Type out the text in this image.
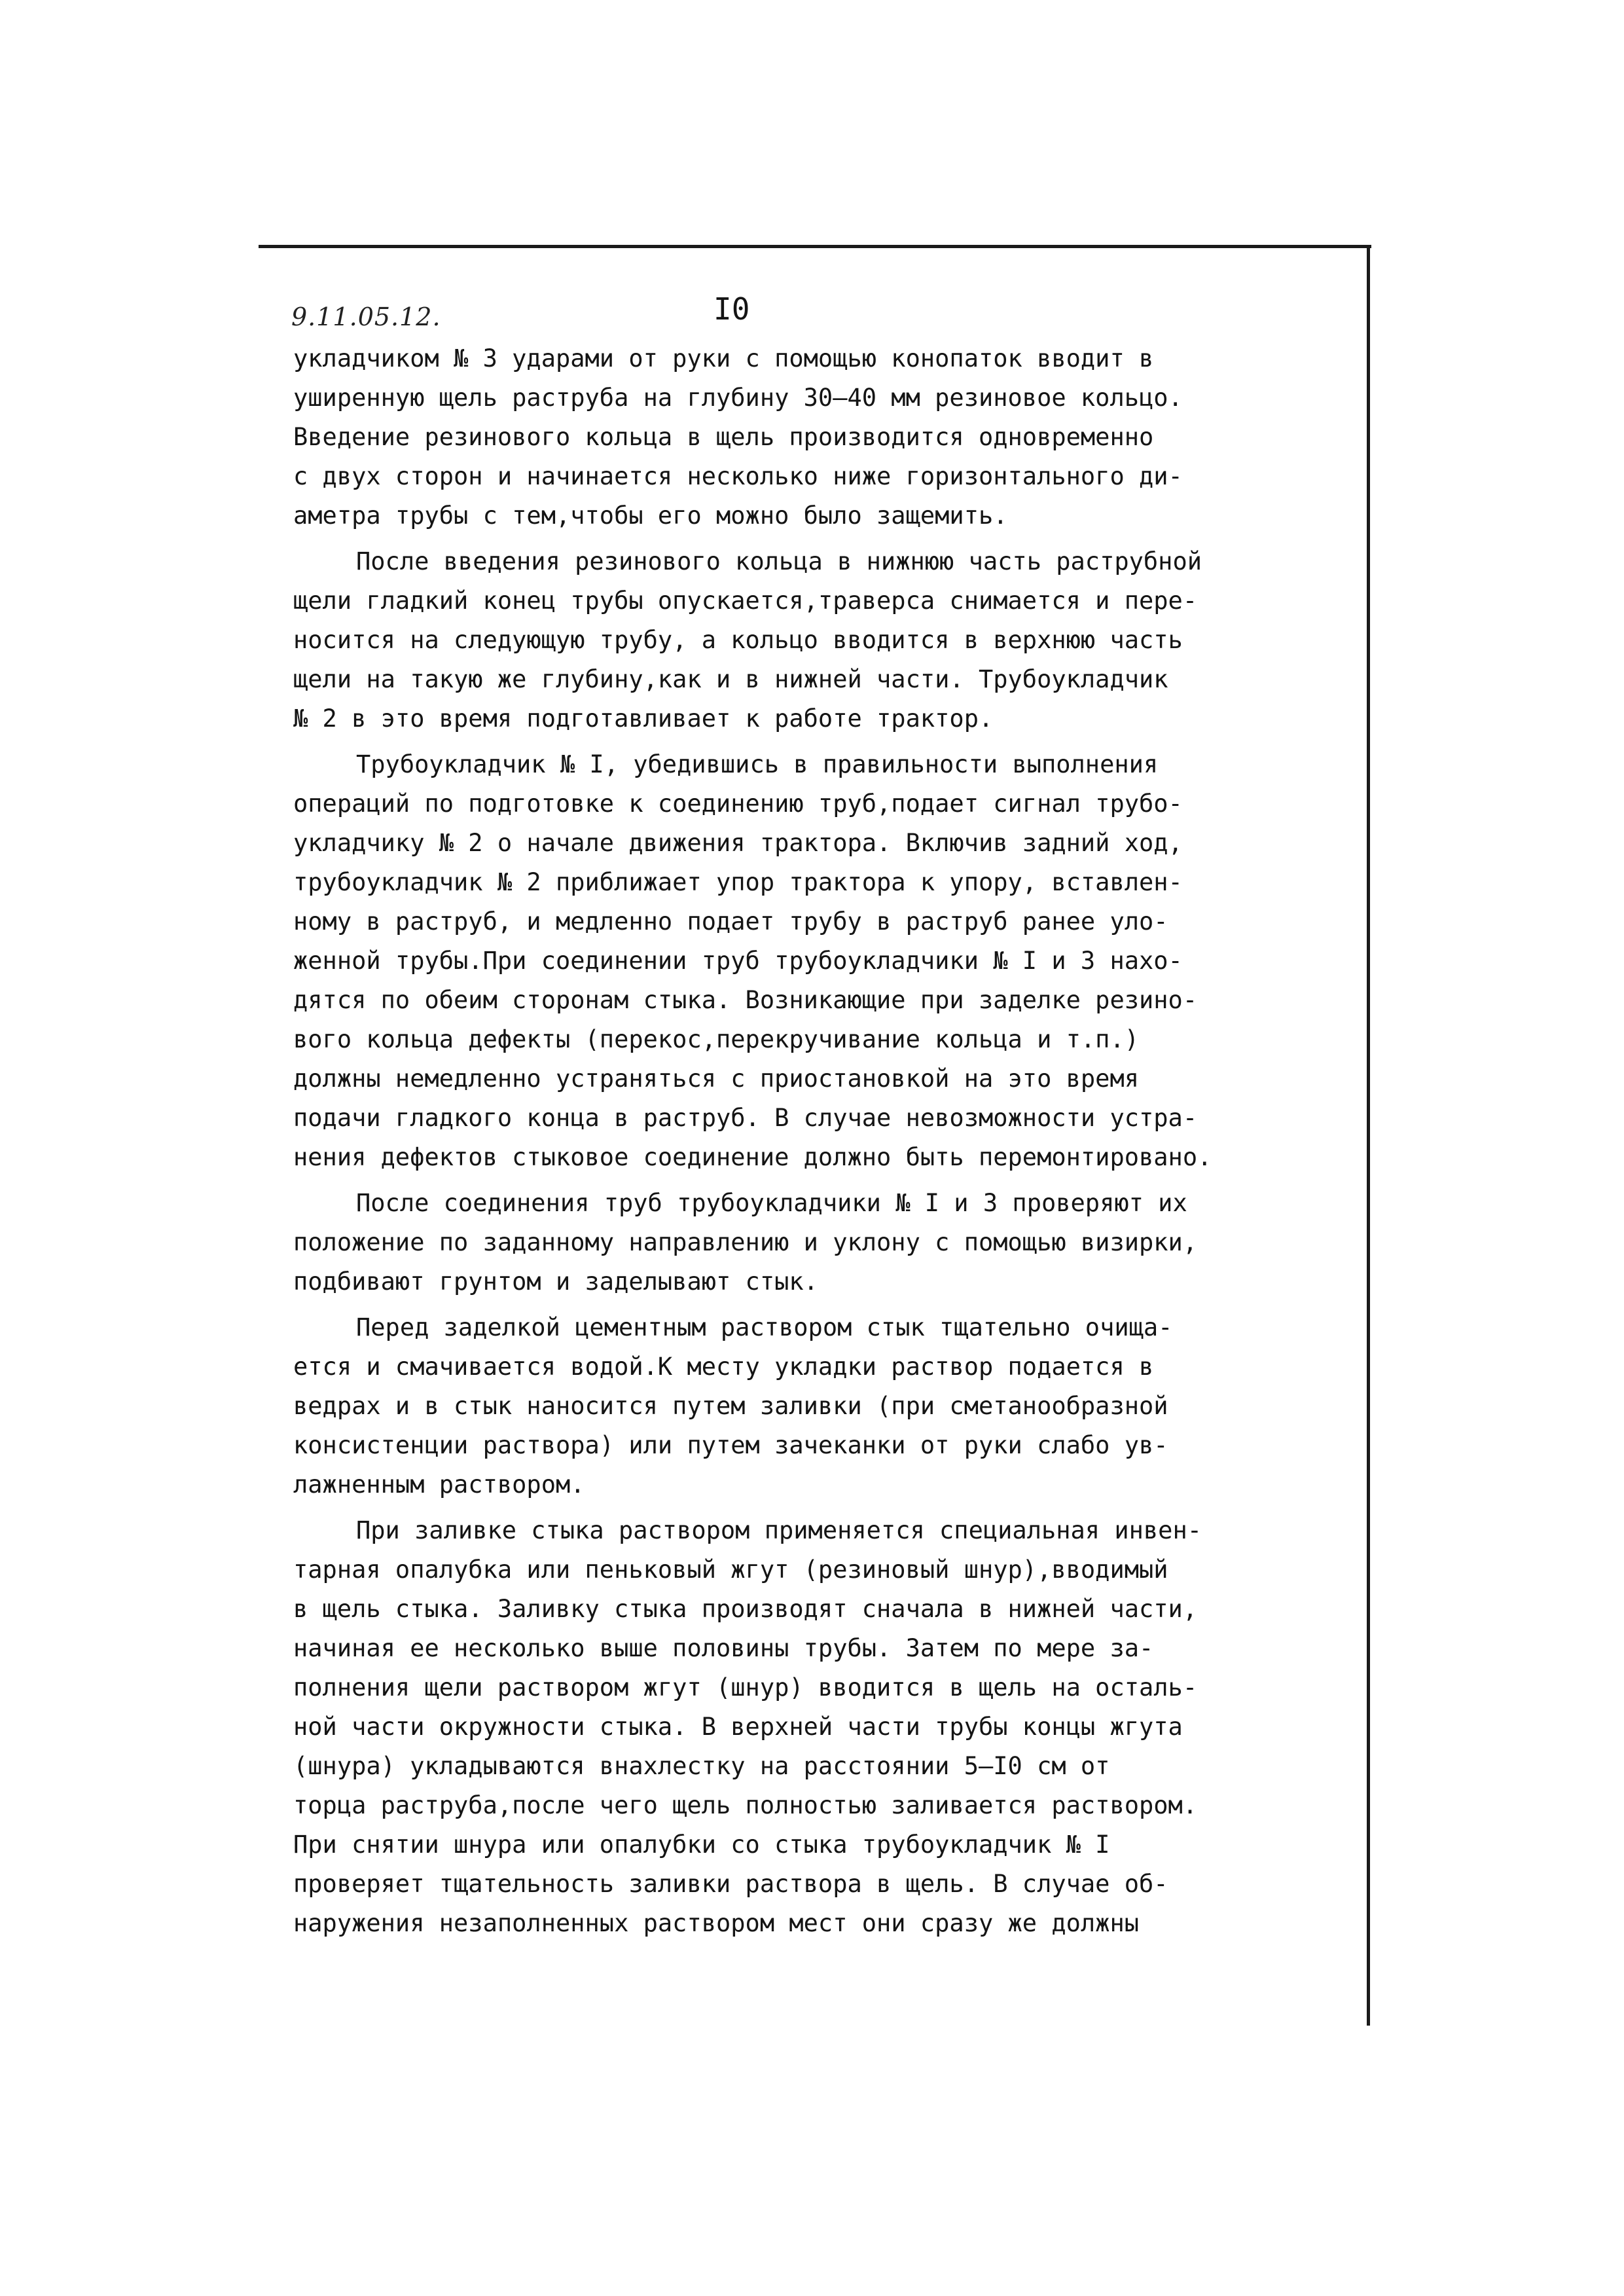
9.11.05.12.	I0
укладчиком № 3 ударами от руки с помощью конопаток вводит в
уширенную щель раструба на глубину 30–40 мм резиновое кольцо.
Введение резинового кольца в щель производится одновременно
с двух сторон и начинается несколько ниже горизонтального ди-
аметра трубы с тем,чтобы его можно было защемить.
После введения резинового кольца в нижнюю часть раструбной
щели гладкий конец трубы опускается,траверса снимается и пере-
носится на следующую трубу, а кольцо вводится в верхнюю часть
щели на такую же глубину,как и в нижней части. Трубоукладчик
№ 2 в это время подготавливает к работе трактор.
Трубоукладчик № I, убедившись в правильности выполнения
операций по подготовке к соединению труб,подает сигнал трубо-
укладчику № 2 о начале движения трактора. Включив задний ход,
трубоукладчик № 2 приближает упор трактора к упору, вставлен-
ному в раструб, и медленно подает трубу в раструб ранее уло-
женной трубы.При соединении труб трубоукладчики № I и 3 нахо-
дятся по обеим сторонам стыка. Возникающие при заделке резино-
вого кольца дефекты (перекос,перекручивание кольца и т.п.)
должны немедленно устраняться с приостановкой на это время
подачи гладкого конца в раструб. В случае невозможности устра-
нения дефектов стыковое соединение должно быть перемонтировано.
После соединения труб трубоукладчики № I и 3 проверяют их
положение по заданному направлению и уклону с помощью визирки,
подбивают грунтом и заделывают стык.
Перед заделкой цементным раствором стык тщательно очища-
ется и смачивается водой.К месту укладки раствор подается в
ведрах и в стык наносится путем заливки (при сметанообразной
консистенции раствора) или путем зачеканки от руки слабо ув-
лажненным раствором.
При заливке стыка раствором применяется специальная инвен-
тарная опалубка или пеньковый жгут (резиновый шнур),вводимый
в щель стыка. Заливку стыка производят сначала в нижней части,
начиная ее несколько выше половины трубы. Затем по мере за-
полнения щели раствором жгут (шнур) вводится в щель на осталь-
ной части окружности стыка. В верхней части трубы концы жгута
(шнура) укладываются внахлестку на расстоянии 5–I0 см от
торца раструба,после чего щель полностью заливается раствором.
При снятии шнура или опалубки со стыка трубоукладчик № I
проверяет тщательность заливки раствора в щель. В случае об-
наружения незаполненных раствором мест они сразу же должны
